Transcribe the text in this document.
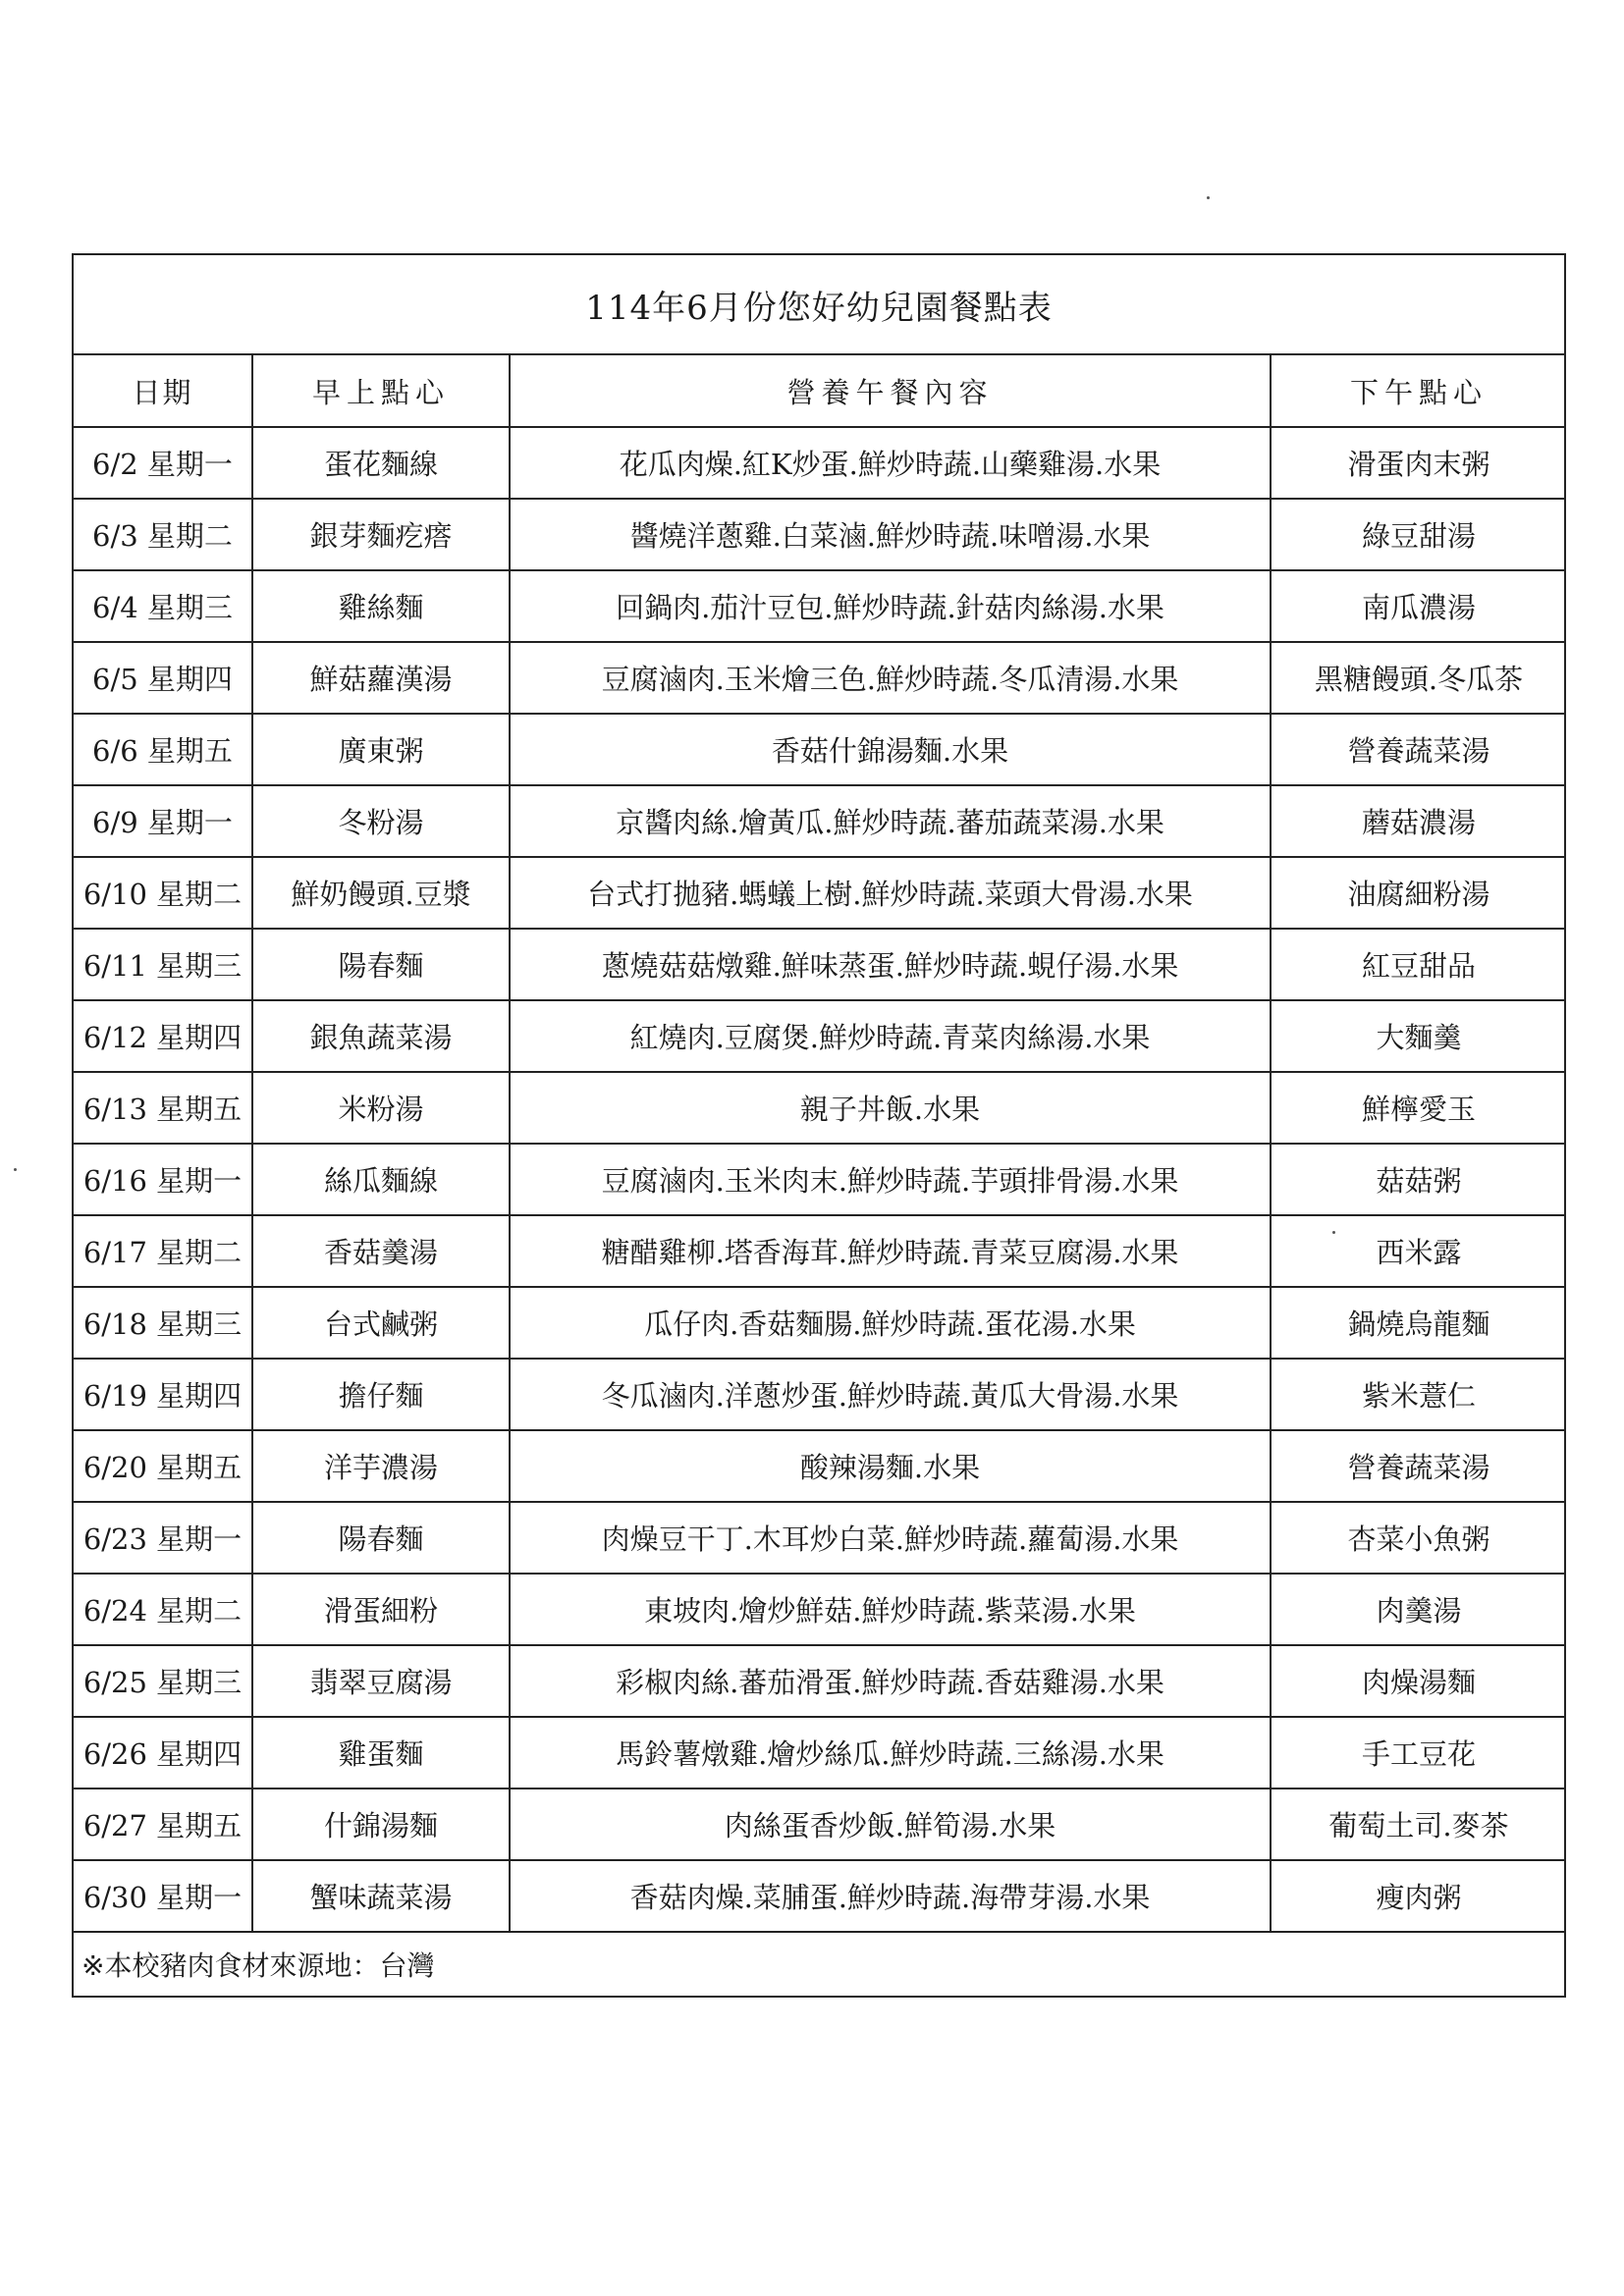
114年6月份您好幼兒園餐點表
日期	早上點心	營養午餐內容	下午點心
6/2 星期一	蛋花麵線	花瓜肉燥.紅K炒蛋.鮮炒時蔬.山藥雞湯.水果	滑蛋肉末粥
6/3 星期二	銀芽麵疙瘩	醬燒洋蔥雞.白菜滷.鮮炒時蔬.味噌湯.水果	綠豆甜湯
6/4 星期三	雞絲麵	回鍋肉.茄汁豆包.鮮炒時蔬.針菇肉絲湯.水果	南瓜濃湯
6/5 星期四	鮮菇蘿漢湯	豆腐滷肉.玉米燴三色.鮮炒時蔬.冬瓜清湯.水果	黑糖饅頭.冬瓜茶
6/6 星期五	廣東粥	香菇什錦湯麵.水果	營養蔬菜湯
6/9 星期一	冬粉湯	京醬肉絲.燴黃瓜.鮮炒時蔬.蕃茄蔬菜湯.水果	蘑菇濃湯
6/10 星期二	鮮奶饅頭.豆漿	台式打拋豬.螞蟻上樹.鮮炒時蔬.菜頭大骨湯.水果	油腐細粉湯
6/11 星期三	陽春麵	蔥燒菇菇燉雞.鮮味蒸蛋.鮮炒時蔬.蜆仔湯.水果	紅豆甜品
6/12 星期四	銀魚蔬菜湯	紅燒肉.豆腐煲.鮮炒時蔬.青菜肉絲湯.水果	大麵羹
6/13 星期五	米粉湯	親子丼飯.水果	鮮檸愛玉
6/16 星期一	絲瓜麵線	豆腐滷肉.玉米肉末.鮮炒時蔬.芋頭排骨湯.水果	菇菇粥
6/17 星期二	香菇羹湯	糖醋雞柳.塔香海茸.鮮炒時蔬.青菜豆腐湯.水果	西米露
6/18 星期三	台式鹹粥	瓜仔肉.香菇麵腸.鮮炒時蔬.蛋花湯.水果	鍋燒烏龍麵
6/19 星期四	擔仔麵	冬瓜滷肉.洋蔥炒蛋.鮮炒時蔬.黃瓜大骨湯.水果	紫米薏仁
6/20 星期五	洋芋濃湯	酸辣湯麵.水果	營養蔬菜湯
6/23 星期一	陽春麵	肉燥豆干丁.木耳炒白菜.鮮炒時蔬.蘿蔔湯.水果	杏菜小魚粥
6/24 星期二	滑蛋細粉	東坡肉.燴炒鮮菇.鮮炒時蔬.紫菜湯.水果	肉羹湯
6/25 星期三	翡翠豆腐湯	彩椒肉絲.蕃茄滑蛋.鮮炒時蔬.香菇雞湯.水果	肉燥湯麵
6/26 星期四	雞蛋麵	馬鈴薯燉雞.燴炒絲瓜.鮮炒時蔬.三絲湯.水果	手工豆花
6/27 星期五	什錦湯麵	肉絲蛋香炒飯.鮮筍湯.水果	葡萄土司.麥茶
6/30 星期一	蟹味蔬菜湯	香菇肉燥.菜脯蛋.鮮炒時蔬.海帶芽湯.水果	瘦肉粥
※本校豬肉食材來源地：台灣
